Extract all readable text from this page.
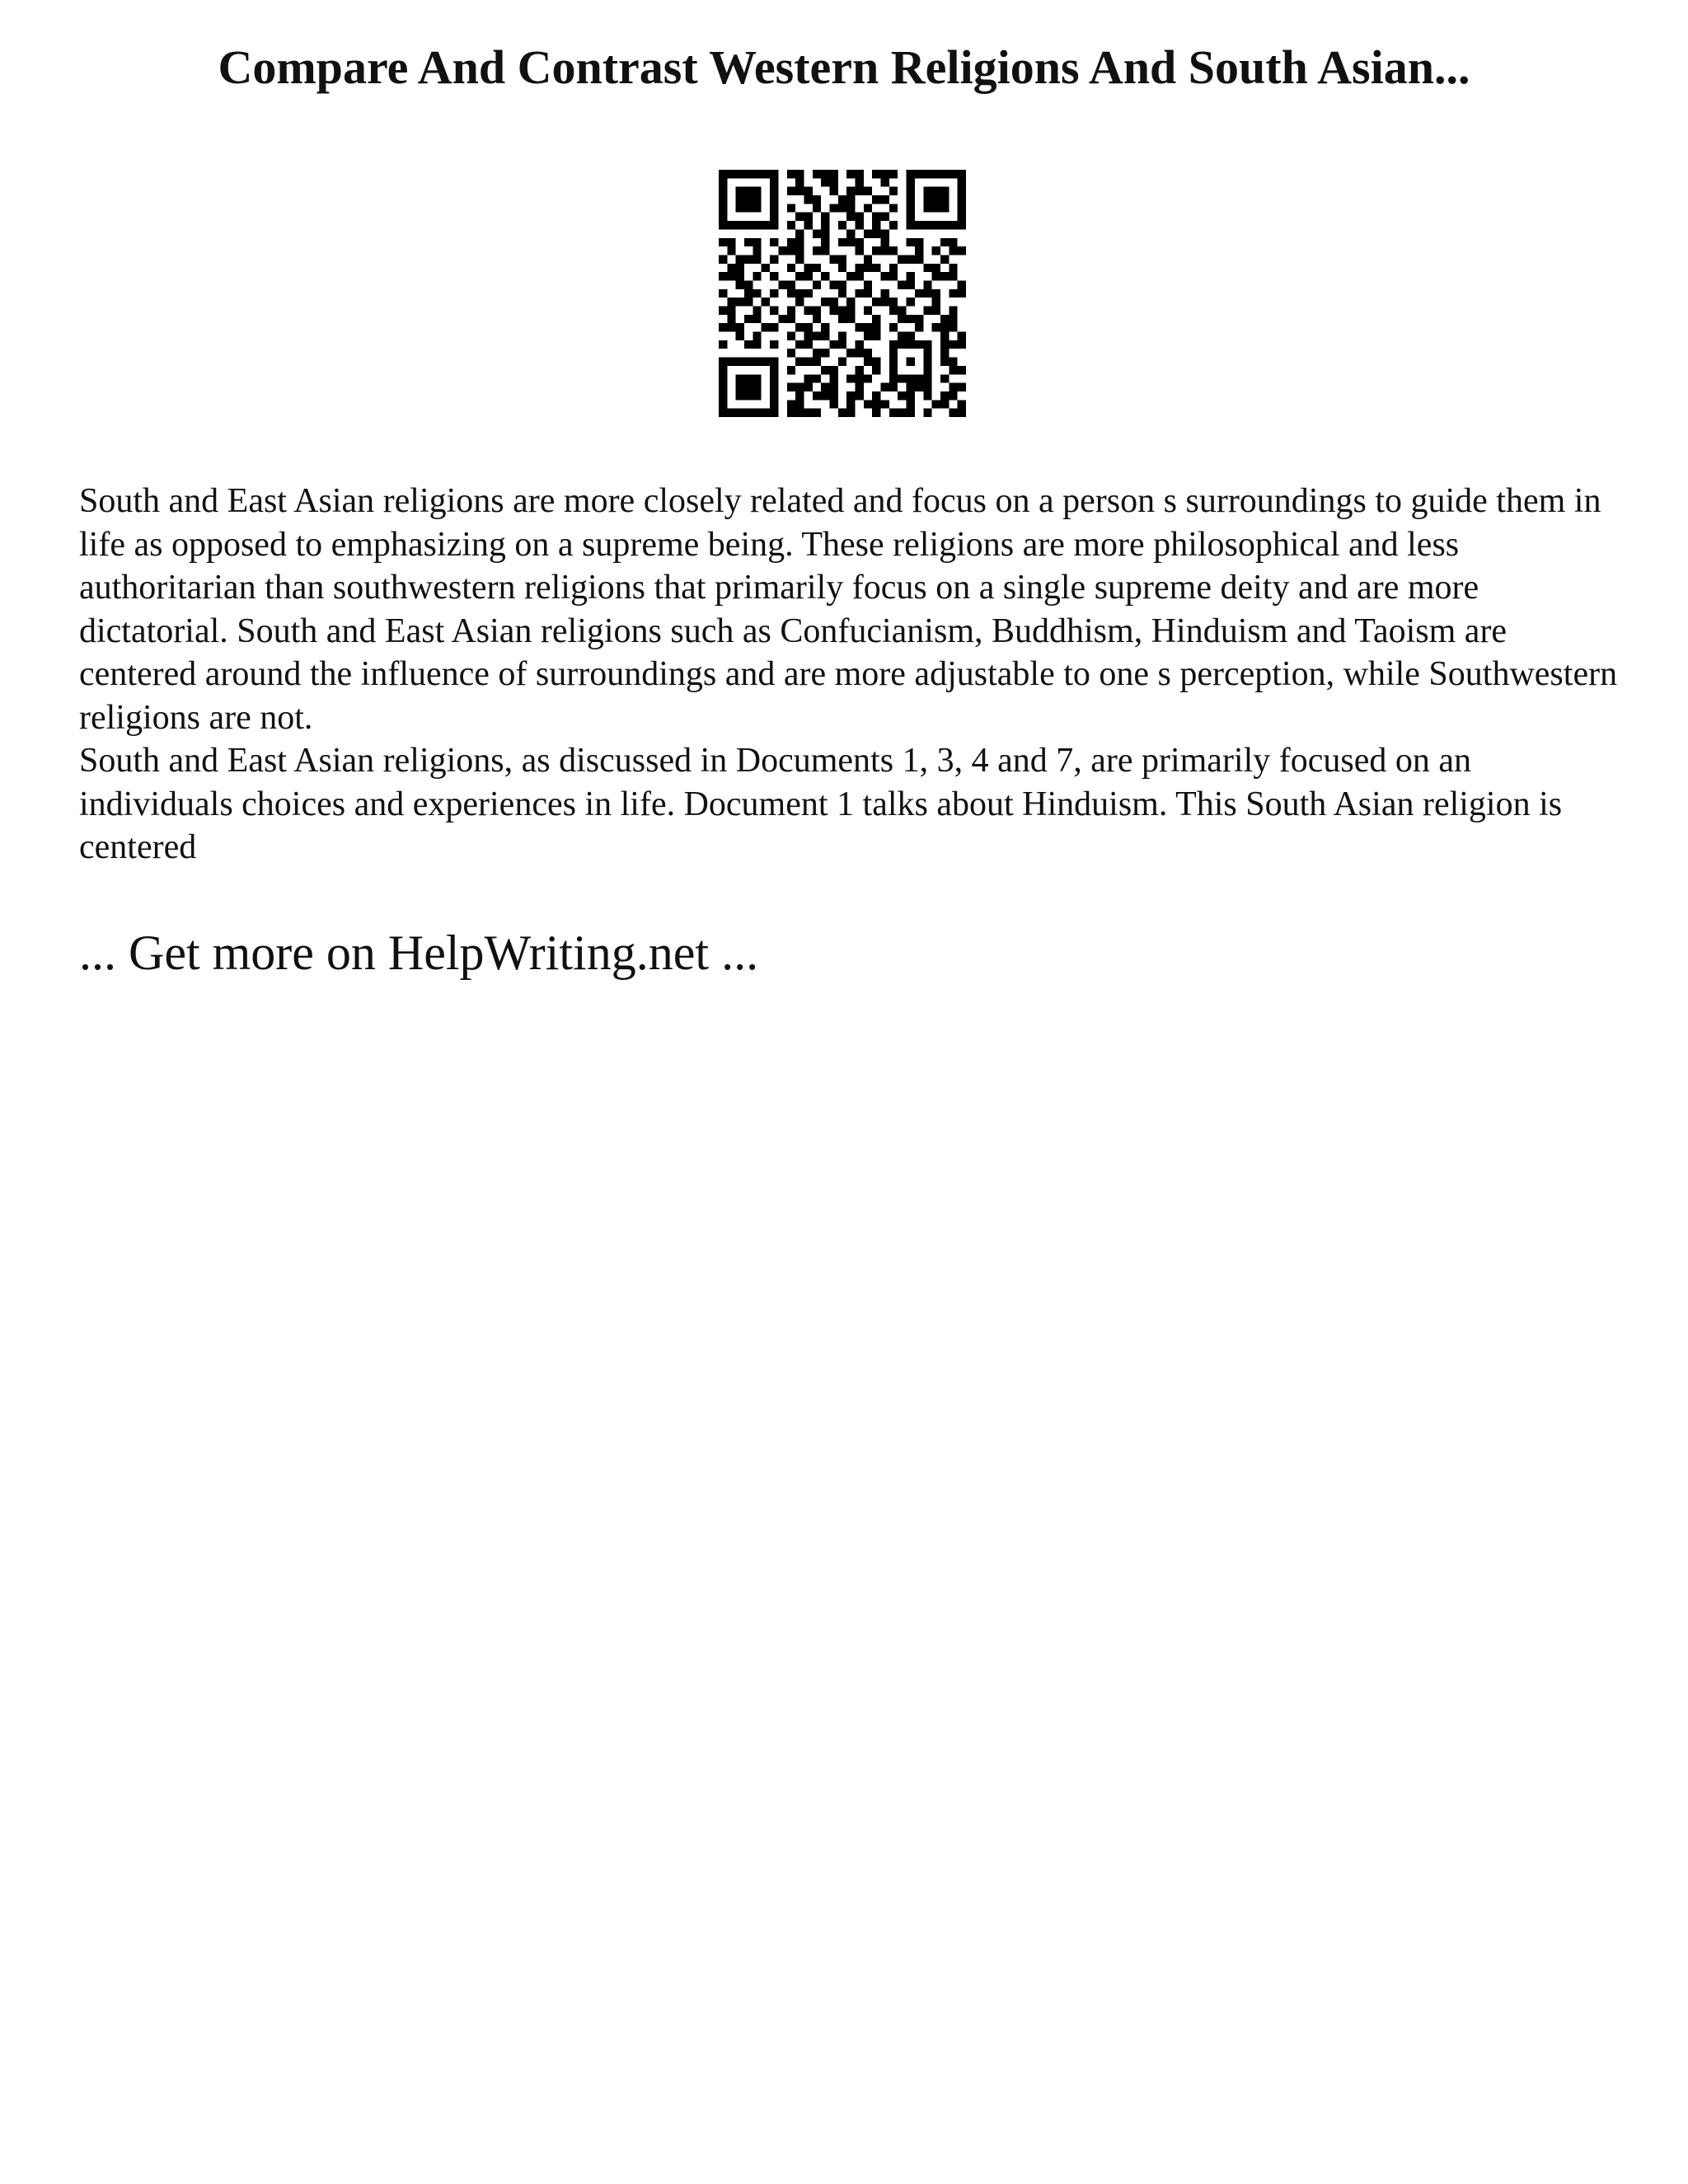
Compare And Contrast Western Religions And South Asian...

South and East Asian religions are more closely related and focus on a person s surroundings to guide them in life as opposed to emphasizing on a supreme being. These religions are more philosophical and less authoritarian than southwestern religions that primarily focus on a single supreme deity and are more dictatorial. South and East Asian religions such as Confucianism, Buddhism, Hinduism and Taoism are centered around the influence of surroundings and are more adjustable to one s perception, while Southwestern religions are not.

South and East Asian religions, as discussed in Documents 1, 3, 4 and 7, are primarily focused on an individuals choices and experiences in life. Document 1 talks about Hinduism. This South Asian religion is centered

... Get more on HelpWriting.net ...
